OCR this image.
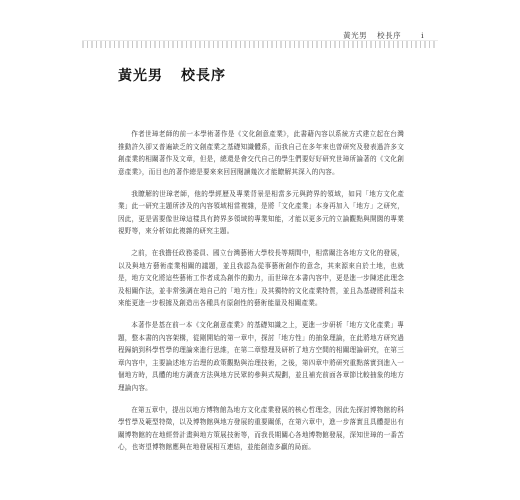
黃光男 校長序	i
黃光男 校長序

作者世璋老師的前一本學術著作是《文化創意產業》，此書藉內容以系統方式建立起在台灣推動許久卻又普遍缺乏的文創產業之基礎知識體系，而我自己在多年來也曾研究及發表過許多文創產業的相關著作及文章，但是，總還是會交代自己的學生們要好好研究世璋所論著的《文化創意產業》，而目也的著作總是要來來回回閱讀幾次才能瞭解其深入的內容。

我瞭解的世璋老師，他的學經歷及專業背景是相當多元與跨界的領域，如同「地方文化產業」此一研究主題所涉及的內容領域相當複雜，是將「文化產業」本身再加入「地方」之研究，因此，更是需要像世璋這樣具有跨界多領域的專業知能，才能以更多元的立論觀點與開闊的專業視野等，來分析如此複雜的研究主題。

之前，在我擔任政務委員、國立台灣藝術大學校長等期間中，相當關注各地方文化的發展，以及與地方藝術產業相關的議題，並且我認為從事藝術創作的意念，其來源來自於土地，也就是，地方文化將這些藝術工作者成為創作的動力，而世璋在本書內容中，更是進一步陳述此理念及相關作法，並非常強調在地自己的「地方性」及其獨特的文化產業特質，並且為基礎將利益未來能更進一步根據及創造出各種具有原創性的藝術能量及相關產業。

本著作是基在前一本《文化創意產業》的基礎知識之上，更進一步研析「地方文化產業」專題，整本書的內容架構，從剛開始的第一章中，探討「地方性」的抽象理論，在此將地方研究過程歸納到科學哲學的理論來進行思維，在第二章整理及研析了地方空間的相關理論研究，在第三章內容中，主要論述地方治理的政策觀點與治理技術，之後，第四章中將研究重點落實到進入一個地方時，具體的地方調查方法與地方民眾的參與式規劃，並且補充前面各章節比較抽象的地方理論內容。

在第五章中，提出以地方博物館為地方文化產業發展的核心哲理念，因此先探討博物館的科學哲學及範型特徵，以及博物館與地方發展的重要關係，在第六章中，進一步落實且具體提出有關博物館的在地經營計畫與地方策展技術等，而我長期關心各地博物館發展，深知世璋的一番苦心，也寄望博物館應與在地發展相互連結，並能創造多贏的局面。
